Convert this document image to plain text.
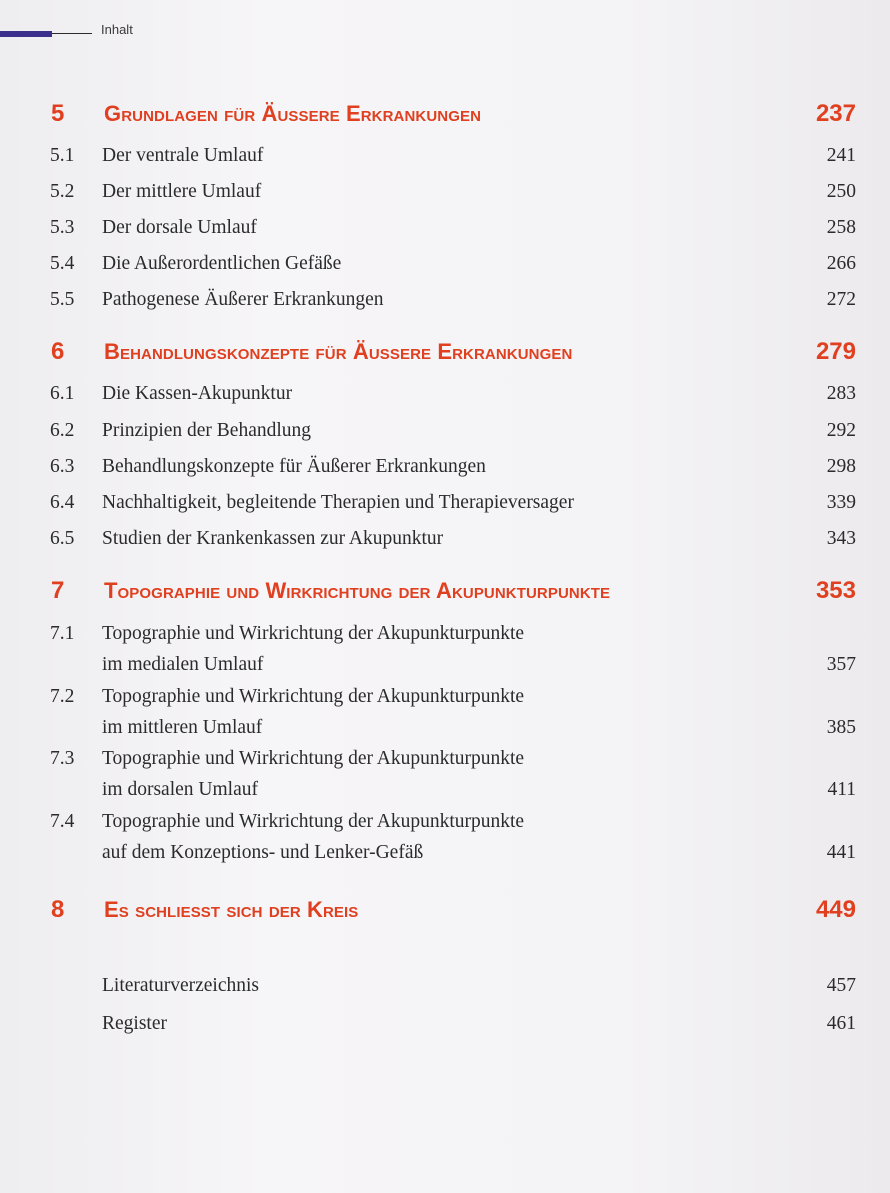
Inhalt
5 Grundlagen für Äussere Erkrankungen	237
5.1 Der ventrale Umlauf	241
5.2 Der mittlere Umlauf	250
5.3 Der dorsale Umlauf	258
5.4 Die Außerordentlichen Gefäße	266
5.5 Pathogenese Äußerer Erkrankungen	272
6 Behandlungskonzepte für Äussere Erkrankungen	279
6.1 Die Kassen-Akupunktur	283
6.2 Prinzipien der Behandlung	292
6.3 Behandlungskonzepte für Äußerer Erkrankungen	298
6.4 Nachhaltigkeit, begleitende Therapien und Therapieversager	339
6.5 Studien der Krankenkassen zur Akupunktur	343
7 Topographie und Wirkrichtung der Akupunkturpunkte	353
7.1 Topographie und Wirkrichtung der Akupunkturpunkte
im medialen Umlauf	357
7.2 Topographie und Wirkrichtung der Akupunkturpunkte
im mittleren Umlauf	385
7.3 Topographie und Wirkrichtung der Akupunkturpunkte
im dorsalen Umlauf	411
7.4 Topographie und Wirkrichtung der Akupunkturpunkte
auf dem Konzeptions- und Lenker-Gefäß	441
8 Es schliesst sich der Kreis	449
Literaturverzeichnis	457
Register	461
